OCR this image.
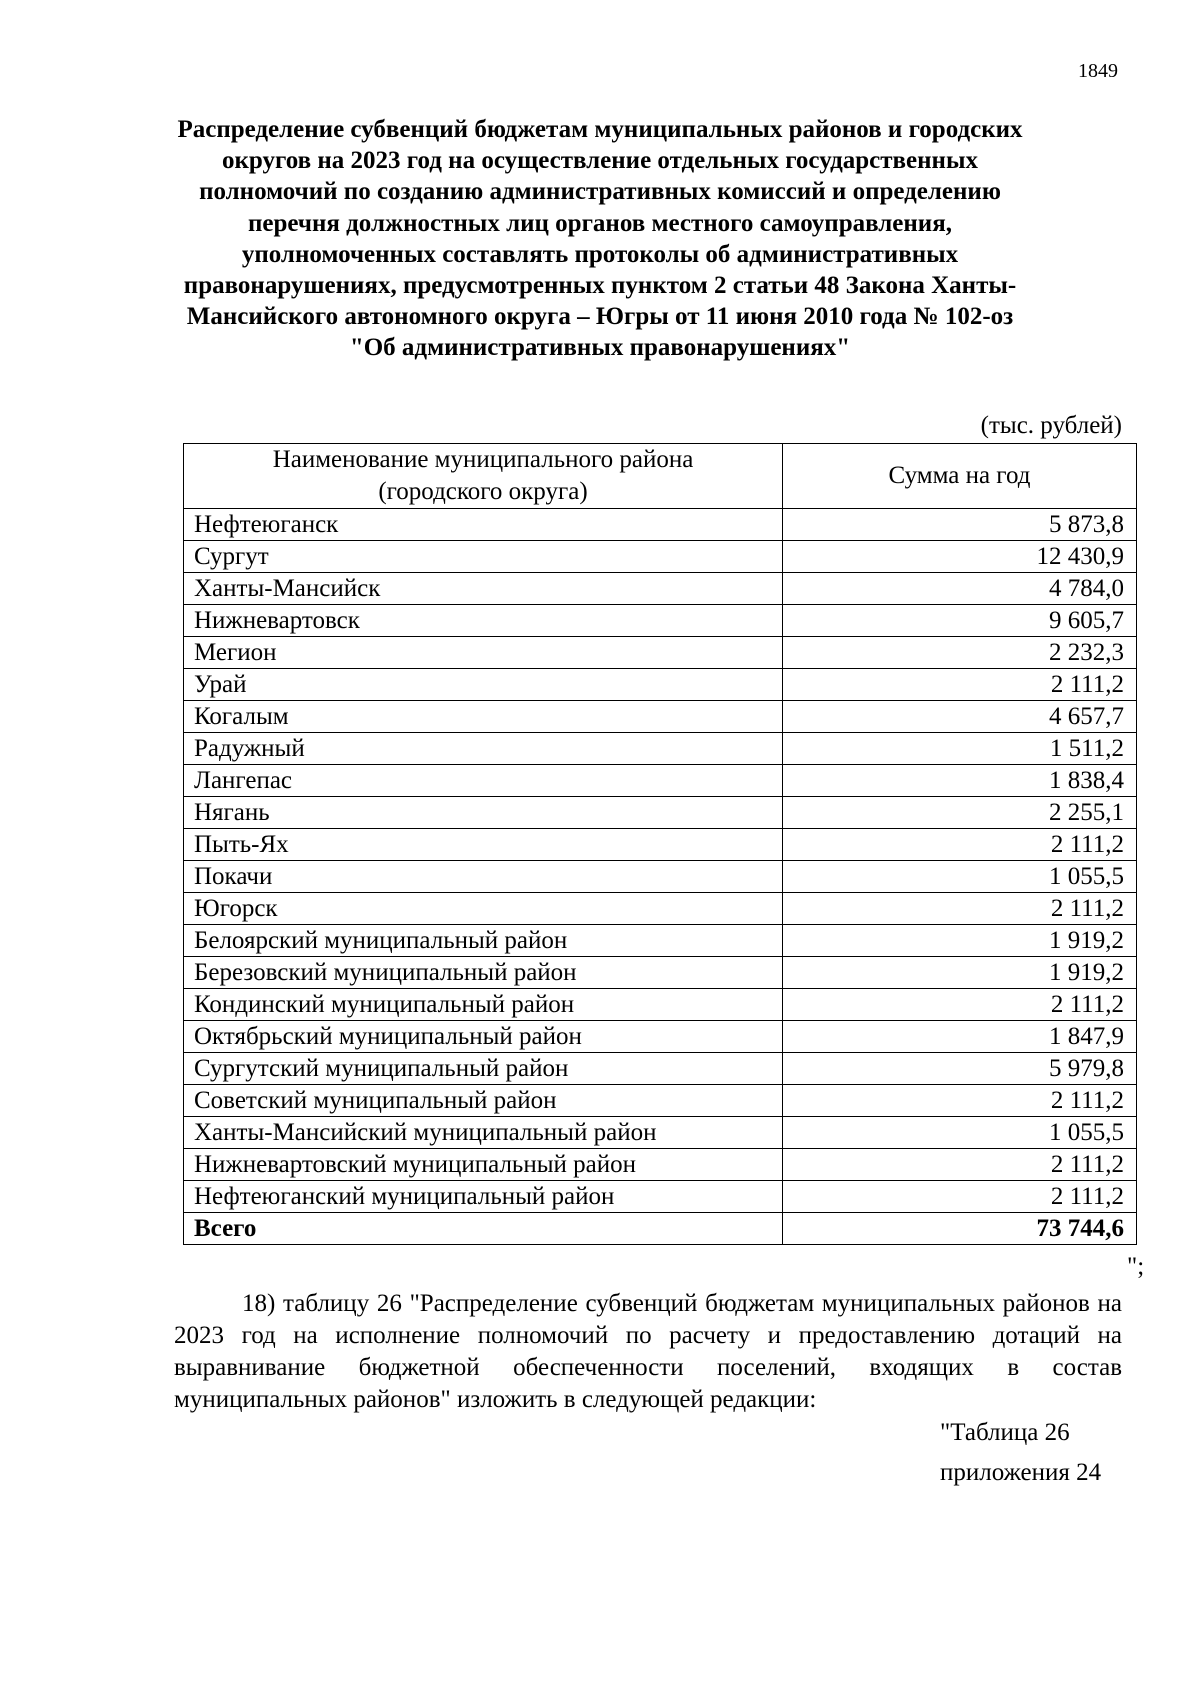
1849
Распределение субвенций бюджетам муниципальных районов и городских
округов на 2023 год на осуществление отдельных государственных
полномочий по созданию административных комиссий и определению
перечня должностных лиц органов местного самоуправления,
уполномоченных составлять протоколы об административных
правонарушениях, предусмотренных пунктом 2 статьи 48 Закона Ханты-
Мансийского автономного округа – Югры от 11 июня 2010 года № 102-оз
"Об административных правонарушениях"
(тыс. рублей)
Наименование муниципального района
(городского округа)	Сумма на год
Нефтеюганск	5 873,8
Сургут	12 430,9
Ханты-Мансийск	4 784,0
Нижневартовск	9 605,7
Мегион	2 232,3
Урай	2 111,2
Когалым	4 657,7
Радужный	1 511,2
Лангепас	1 838,4
Нягань	2 255,1
Пыть-Ях	2 111,2
Покачи	1 055,5
Югорск	2 111,2
Белоярский муниципальный район	1 919,2
Березовский муниципальный район	1 919,2
Кондинский муниципальный район	2 111,2
Октябрьский муниципальный район	1 847,9
Сургутский муниципальный район	5 979,8
Советский муниципальный район	2 111,2
Ханты-Мансийский муниципальный район	1 055,5
Нижневартовский муниципальный район	2 111,2
Нефтеюганский муниципальный район	2 111,2
Всего	73 744,6
";

18) таблицу 26 "Распределение субвенций бюджетам муниципальных районов на 2023 год на исполнение полномочий по расчету и предоставлению дотаций на выравнивание бюджетной обеспеченности поселений, входящих в состав муниципальных районов" изложить в следующей редакции:

"Таблица 26
приложения 24
